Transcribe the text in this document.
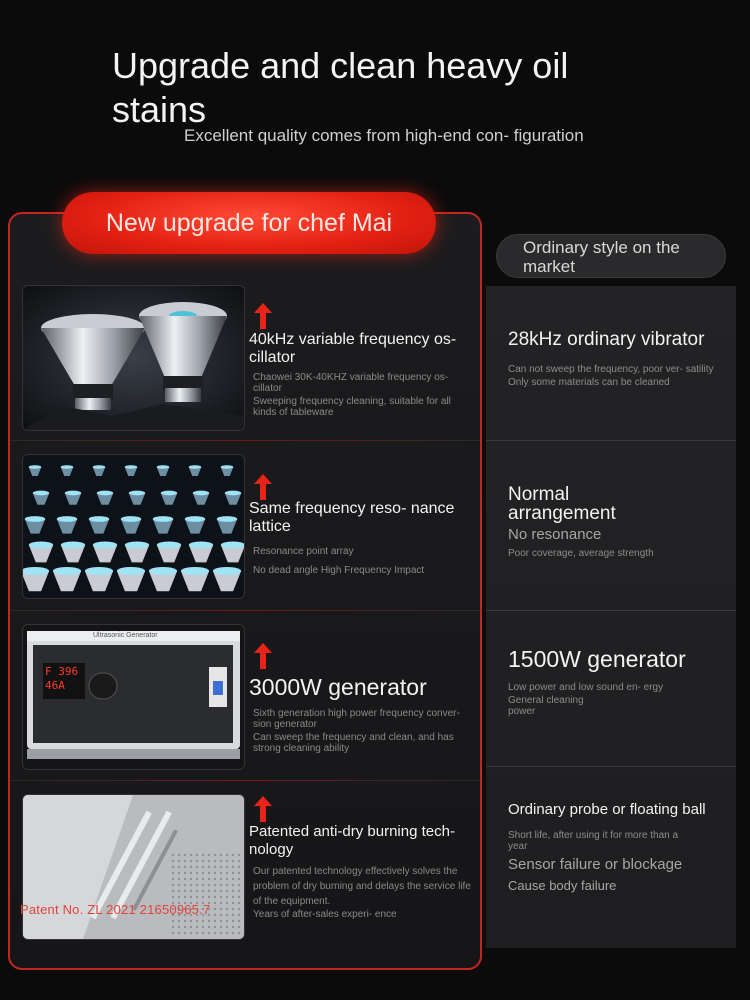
Upgrade and clean heavy oil stains
Excellent quality comes from high-end con- figuration
New upgrade for chef Mai
Ordinary style on the market
F 396
46A
Ultrasonic Generator
Patent No. ZL 2021 21650965.7
40kHz variable frequency os- cillator

Chaowei 30K-40KHZ variable frequency os- cillator

Sweeping frequency cleaning, suitable for all kinds of tableware

Same frequency reso- nance lattice

Resonance point array

No dead angle High Frequency Impact

3000W generator

Sixth generation high power frequency conver- sion generator

Can sweep the frequency and clean, and has strong cleaning ability

Patented anti-dry burning tech- nology

Our patented technology effectively solves the problem of dry burning and delays the service life of the equipment.

Years of after-sales experi- ence

28kHz ordinary vibrator

Can not sweep the frequency, poor ver- satility

Only some materials can be cleaned

Normal arrangement

No resonance

Poor coverage, average strength

1500W generator

Low power and low sound en- ergy

General cleaning power

Ordinary probe or floating ball

Short life, after using it for more than a year

Sensor failure or blockage

Cause body failure
